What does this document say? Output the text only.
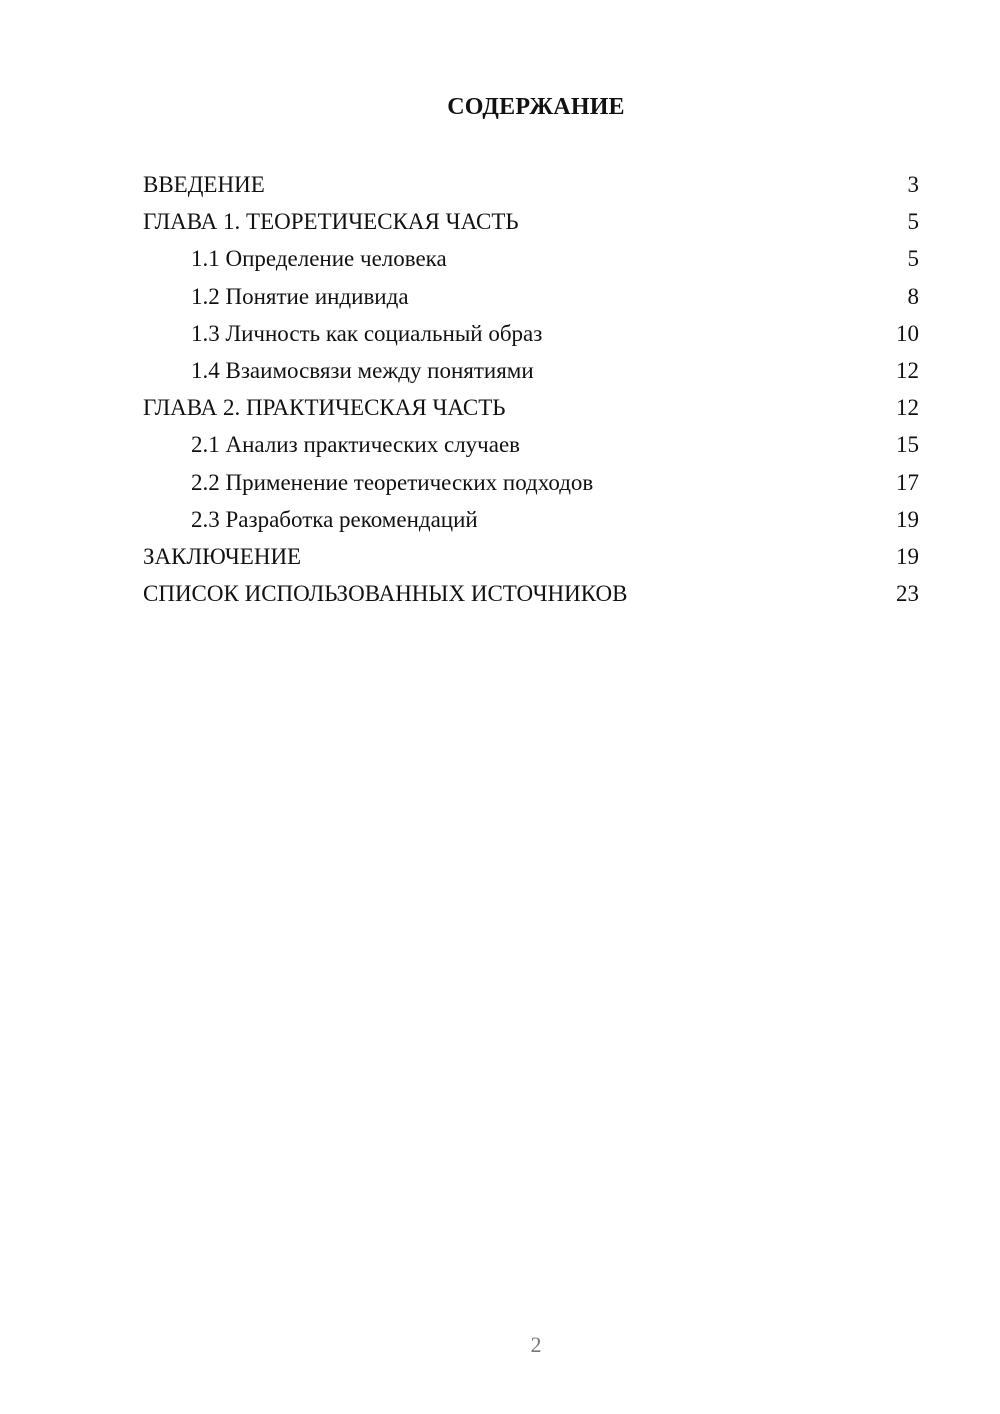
СОДЕРЖАНИЕ
ВВЕДЕНИЕ	3
ГЛАВА 1. ТЕОРЕТИЧЕСКАЯ ЧАСТЬ	5
1.1 Определение человека	5
1.2 Понятие индивида	8
1.3 Личность как социальный образ	10
1.4 Взаимосвязи между понятиями	12
ГЛАВА 2. ПРАКТИЧЕСКАЯ ЧАСТЬ	12
2.1 Анализ практических случаев	15
2.2 Применение теоретических подходов	17
2.3 Разработка рекомендаций	19
ЗАКЛЮЧЕНИЕ	19
СПИСОК ИСПОЛЬЗОВАННЫХ ИСТОЧНИКОВ	23
2
